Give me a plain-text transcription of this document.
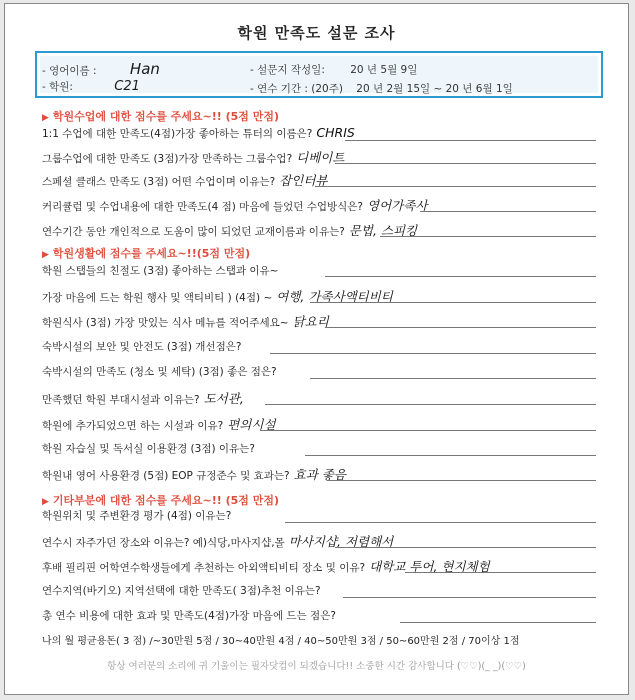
학원 만족도 설문 조사
- 영어이름 : Han
- 학원:	C21
- 설문지 작성일: 20 년 5월 9일
- 연수 기간 : (20주) 20 년 2월 15일 ~ 20 년 6월 1일
▶ 학원수업에 대한 점수를 주세요~!! (5점 만점)
1:1 수업에 대한 만족도(4점)가장 좋아하는 튜터의 이름은? CHRIS
그룹수업에 대한 만족도 (3점)가장 만족하는 그룹수업? 디베이트
스페셜 클래스 만족도 (3점) 어떤 수업이며 이유는? 잡인터뷰
커리큘럼 및 수업내용에 대한 만족도(4 점) 마음에 들었던 수업방식은? 영어가족사
연수기간 동안 개인적으로 도움이 많이 되었던 교재이름과 이유는? 문법, 스피킹
▶ 학원생활에 점수를 주세요~!!(5점 만점)
학원 스탭들의 친절도 (3점) 좋아하는 스탭과 이유~
가장 마음에 드는 학원 행사 및 액티비티 ) (4점) ~ 여행, 가족사액티비티
학원식사 (3점) 가장 맛있는 식사 메뉴를 적어주세요~ 닭요리
숙박시설의 보안 및 안전도 (3점) 개선점은?
숙박시설의 만족도 (청소 및 세탁) (3점) 좋은 점은?
만족했던 학원 부대시설과 이유는? 도서관,
학원에 추가되었으면 하는 시설과 이유? 편의시설
학원 자습실 및 독서실 이용환경 (3점) 이유는?
학원내 영어 사용환경 (5점) EOP 규정준수 및 효과는? 효과 좋음
▶ 기타부분에 대한 점수를 주세요~!! (5점 만점)
학원위치 및 주변환경 평가 (4점) 이유는?
연수시 자주가던 장소와 이유는? 예)식당,마사지샵,몰 마사지샵, 저렴해서
후배 필리핀 어학연수학생들에게 추천하는 아외액티비티 장소 및 이유? 대학교 투어, 현지체험
연수지역(바기오) 지역선택에 대한 만족도( 3점)추천 이유는?
총 연수 비용에 대한 효과 및 만족도(4점)가장 마음에 드는 점은?
나의 월 평균용돈( 3 점) /~30만원 5점 / 30~40만원 4점 / 40~50만원 3점 / 50~60만원 2점 / 70이상 1점
항상 여러분의 소리에 귀 기울이는 필자닷컴이 되겠습니다!! 소중한 시간 감사합니다 (♡♡)(_ _)(♡♡)
